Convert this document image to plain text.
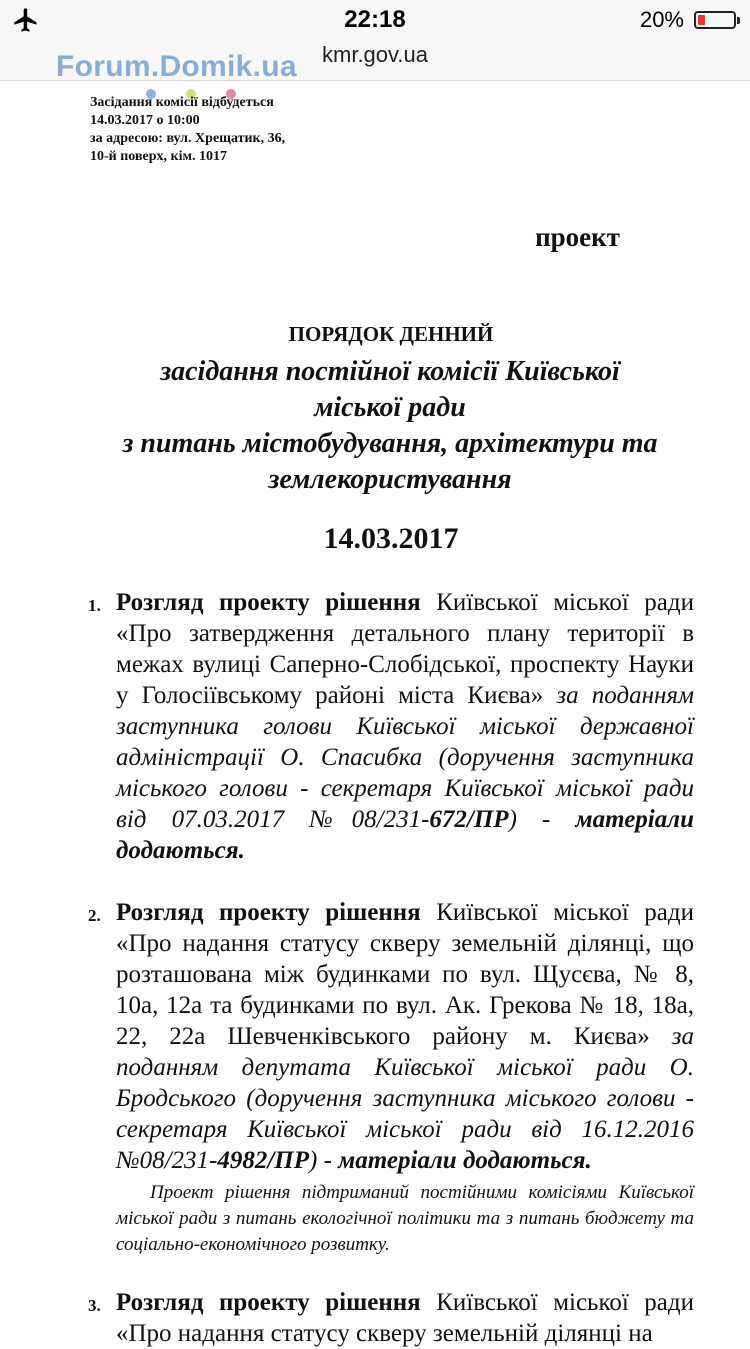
22:18	20%
kmr.gov.ua
Forum.Domik.ua
Засідання комісії відбудеться
14.03.2017 о 10:00
за адресою: вул. Хрещатик, 36,
10-й поверх, кім. 1017
проект
ПОРЯДОК ДЕННИЙ
засідання постійної комісії Київської
міської ради
з питань містобудування, архітектури та
землекористування
14.03.2017
1. Розгляд проекту рішення Київської міської ради «Про затвердження детального плану території в межах вулиці Саперно-Слобідської, проспекту Науки у Голосіївському районі міста Києва» за поданням заступника голови Київської міської державної адміністрації О. Спасибка (доручення заступника міського голови - секретаря Київської міської ради від 07.03.2017 №08/231-672/ПР) - матеріали додаються.
2. Розгляд проекту рішення Київської міської ради «Про надання статусу скверу земельній ділянці, що розташована між будинками по вул. Щусєва, № 8, 10а, 12а та будинками по вул. Ак. Грекова № 18, 18а, 22, 22а Шевченківського району м. Києва» за поданням депутата Київської міської ради О. Бродського (доручення заступника міського голови - секретаря Київської міської ради від 16.12.2016 №08/231-4982/ПР) - матеріали додаються.
Проект рішення підтриманий постійними комісіями Київської міської ради з питань екологічної політики та з питань бюджету та соціально-економічного розвитку.
3. Розгляд проекту рішення Київської міської ради «Про надання статусу скверу земельній ділянці на
